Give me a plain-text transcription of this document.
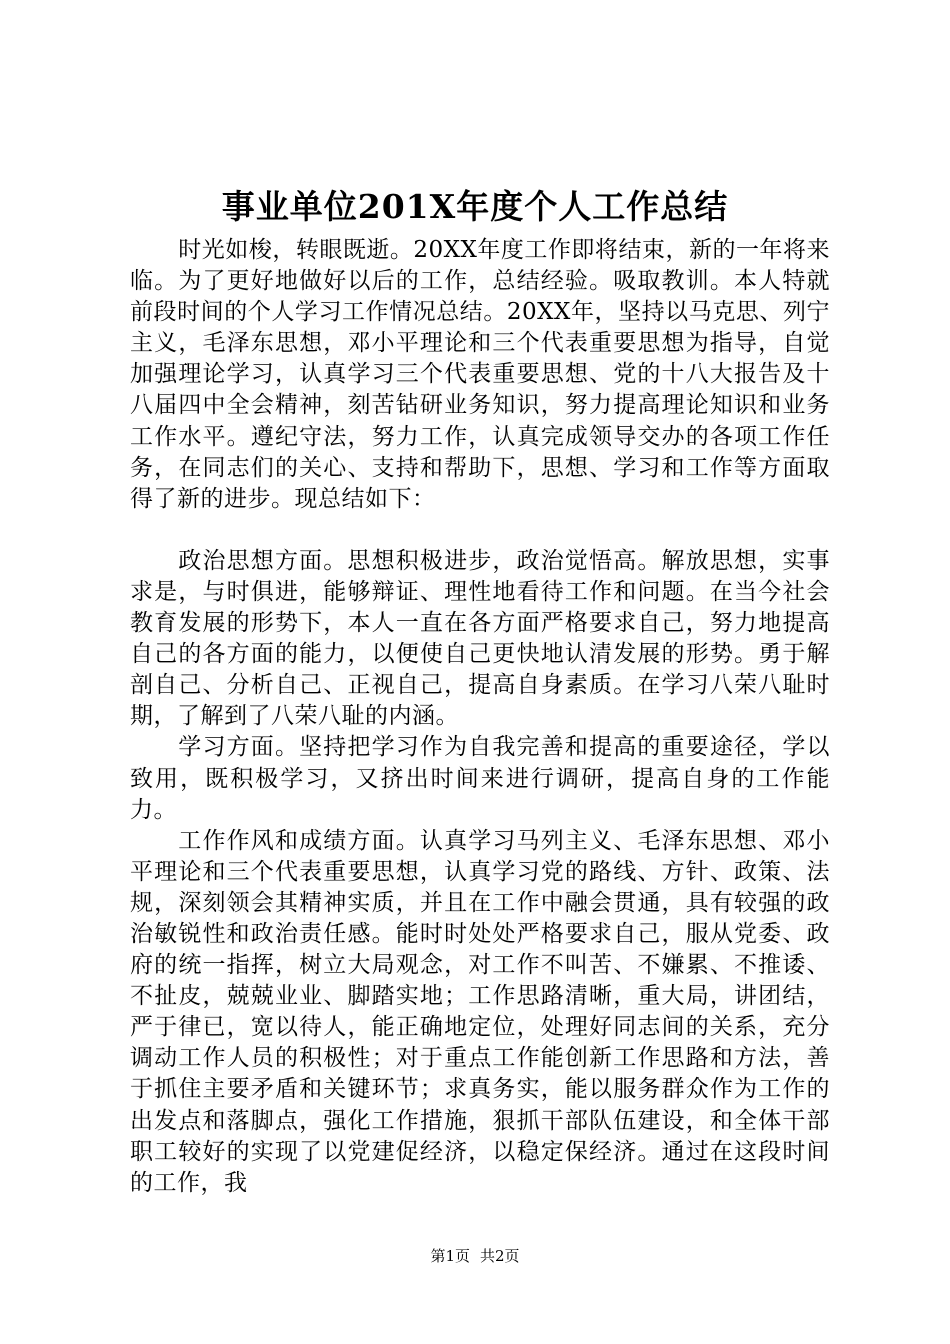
事业单位201X年度个人工作总结

时光如梭，转眼既逝。20XX年度工作即将结束，新的一年将来临。为了更好地做好以后的工作，总结经验。吸取教训。本人特就前段时间的个人学习工作情况总结。20XX年，坚持以马克思、列宁主义，毛泽东思想，邓小平理论和三个代表重要思想为指导，自觉加强理论学习，认真学习三个代表重要思想、党的十八大报告及十八届四中全会精神，刻苦钻研业务知识，努力提高理论知识和业务工作水平。遵纪守法，努力工作，认真完成领导交办的各项工作任务，在同志们的关心、支持和帮助下，思想、学习和工作等方面取得了新的进步。现总结如下：

政治思想方面。思想积极进步，政治觉悟高。解放思想，实事求是，与时俱进，能够辩证、理性地看待工作和问题。在当今社会教育发展的形势下，本人一直在各方面严格要求自己，努力地提高自己的各方面的能力，以便使自己更快地认清发展的形势。勇于解剖自己、分析自己、正视自己，提高自身素质。在学习八荣八耻时期，了解到了八荣八耻的内涵。

学习方面。坚持把学习作为自我完善和提高的重要途径，学以致用，既积极学习，又挤出时间来进行调研，提高自身的工作能力。

工作作风和成绩方面。认真学习马列主义、毛泽东思想、邓小平理论和三个代表重要思想，认真学习党的路线、方针、政策、法规，深刻领会其精神实质，并且在工作中融会贯通，具有较强的政治敏锐性和政治责任感。能时时处处严格要求自己，服从党委、政府的统一指挥，树立大局观念，对工作不叫苦、不嫌累、不推诿、不扯皮，兢兢业业、脚踏实地；工作思路清晰，重大局，讲团结，严于律已，宽以待人，能正确地定位，处理好同志间的关系，充分调动工作人员的积极性；对于重点工作能创新工作思路和方法，善于抓住主要矛盾和关键环节；求真务实，能以服务群众作为工作的出发点和落脚点，强化工作措施，狠抓干部队伍建设，和全体干部职工较好的实现了以党建促经济，以稳定保经济。通过在这段时间的工作，我

第1页 共2页
